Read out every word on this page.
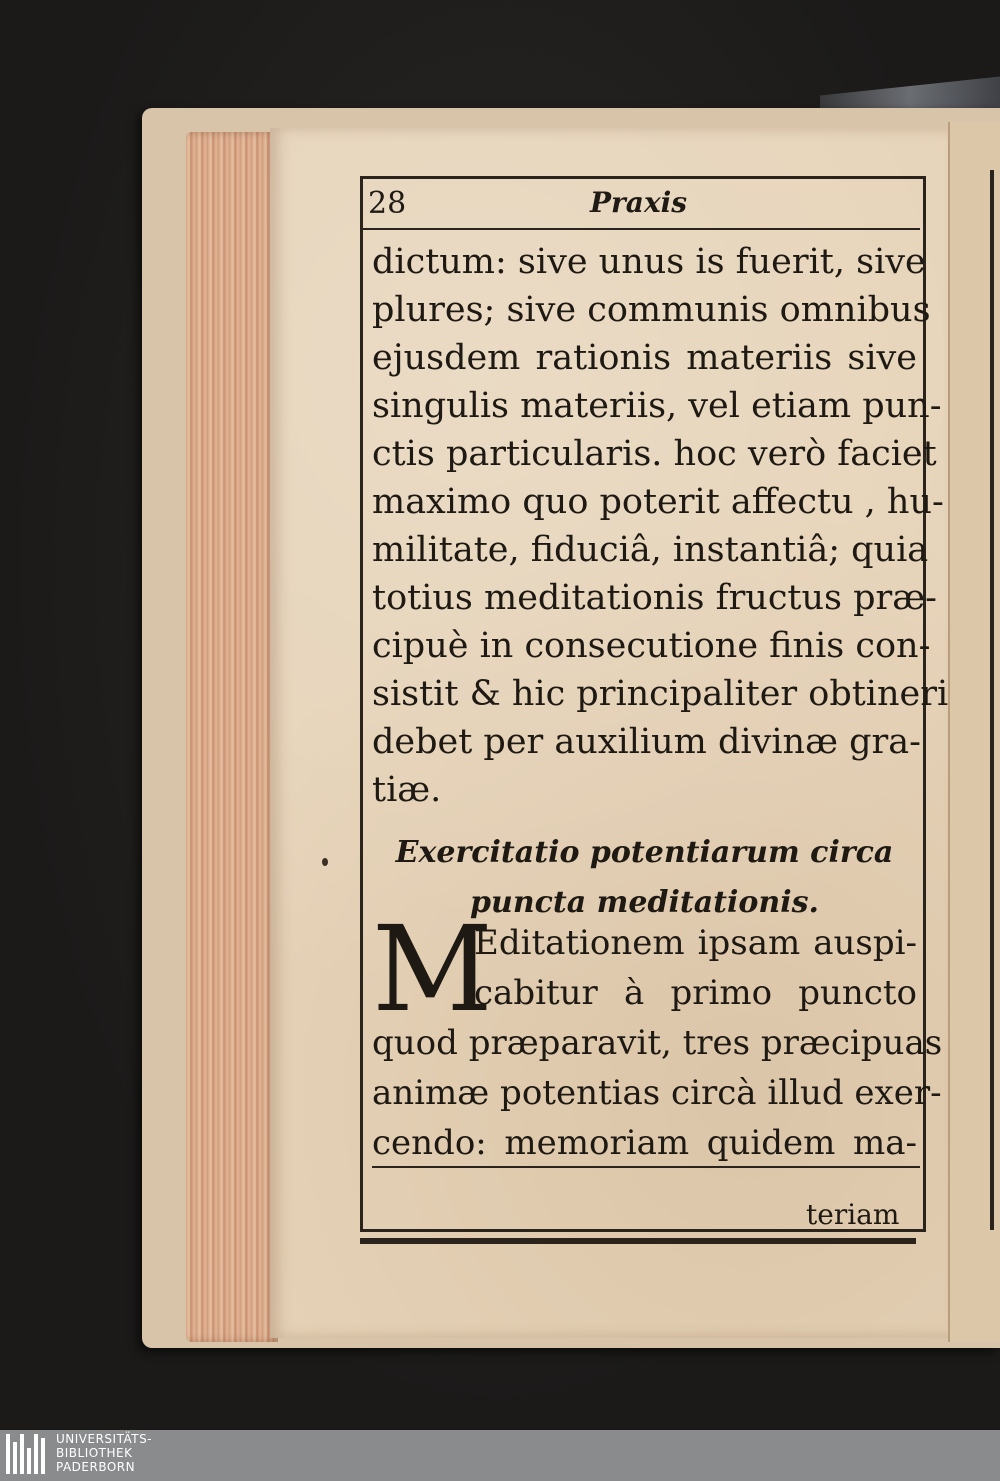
28	Praxis
dictum: sive unus is fuerit, sive
plures; sive communis omnibus
ejusdem rationis materiis sive
singulis materiis, vel etiam pun-
ctis particularis. hoc verò faciet
maximo quo poterit affectu , hu-
militate, fiduciâ, instantiâ; quia
totius meditationis fructus præ-
cipuè in consecutione finis con-
sistit & hic principaliter obtineri
debet per auxilium divinæ gra-
tiæ.
Exercitatio potentiarum circa
puncta meditationis.
M
Editationem ipsam auspi-
cabitur à primo puncto
quod præparavit, tres præcipuas
animæ potentias circà illud exer-
cendo: memoriam quidem ma-
teriam
UNIVERSITÄTS-
BIBLIOTHEK
PADERBORN
